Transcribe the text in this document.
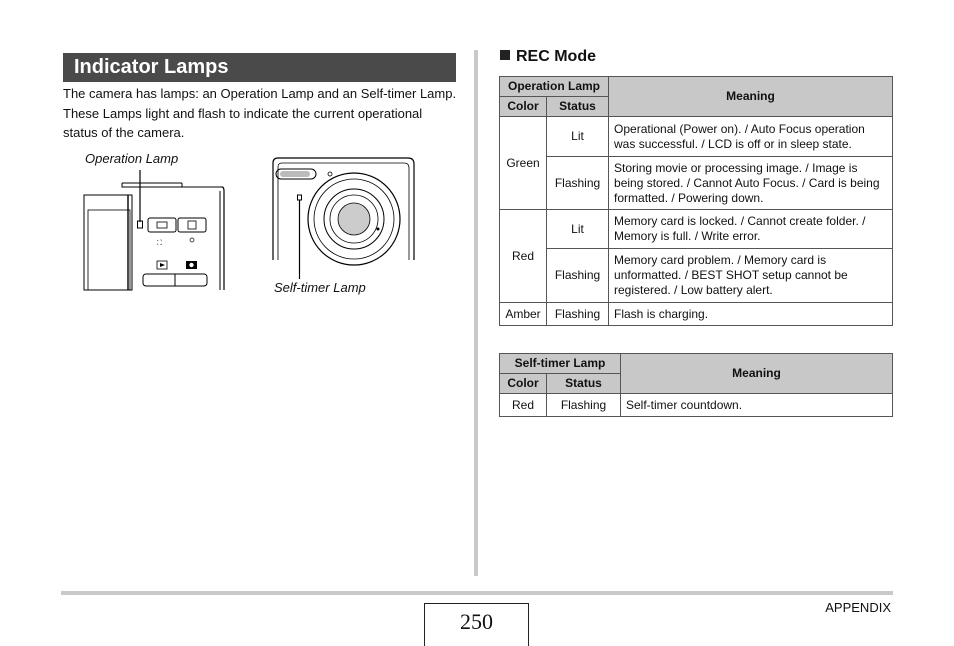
Indicator Lamps
The camera has lamps: an Operation Lamp and an Self-timer Lamp. These Lamps light and flash to indicate the current operational status of the camera.
Operation Lamp
Self-timer Lamp
⛶
REC Mode
Operation Lamp		Meaning
Color	Status	
Green	Lit	Operational (Power on). / Auto Focus operation was successful. / LCD is off or in sleep state.
	Flashing	Storing movie or processing image. / Image is being stored. / Cannot Auto Focus. / Card is being formatted. / Powering down.
Red	Lit	Memory card is locked. / Cannot create folder. / Memory is full. / Write error.
	Flashing	Memory card problem. / Memory card is unformatted. / BEST SHOT setup cannot be registered. / Low battery alert.
Amber	Flashing	Flash is charging.
Self-timer Lamp		Meaning
Color	Status	
Red	Flashing	Self-timer countdown.
250
APPENDIX
